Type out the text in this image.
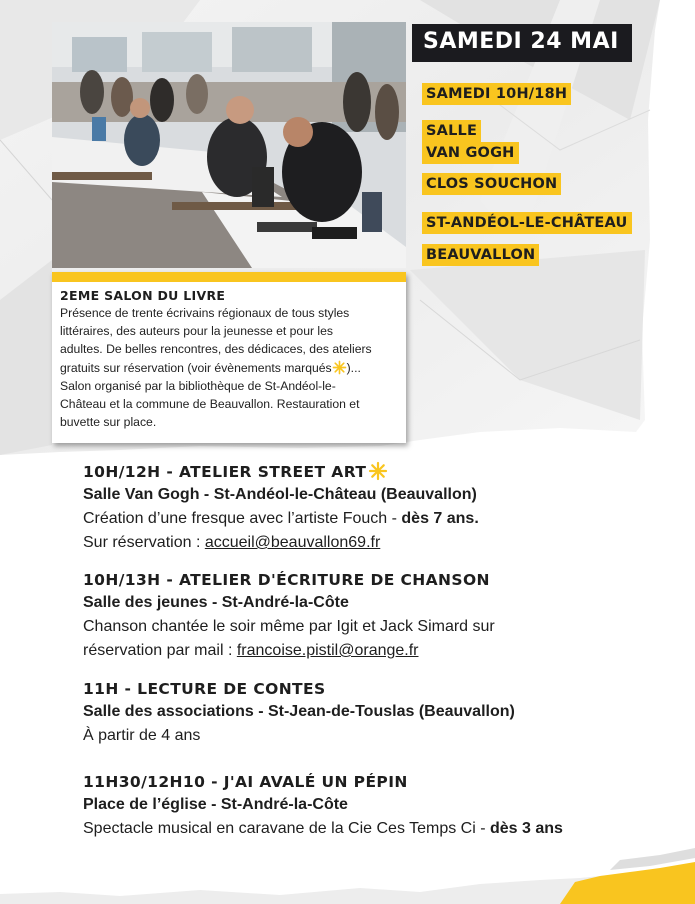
2EME SALON DU LIVRE
Présence de trente écrivains régionaux de tous styles
littéraires, des auteurs pour la jeunesse et pour les
adultes. De belles rencontres, des dédicaces, des ateliers
gratuits sur réservation (voir évènements marqués )...
Salon organisé par la bibliothèque de St-Andéol-le-
Château et la commune de Beauvallon. Restauration et
buvette sur place.
SAMEDI 24 MAI
SAMEDI 10H/18H
SALLE
VAN GOGH
CLOS SOUCHON
ST-ANDÉOL-LE-CHÂTEAU
BEAUVALLON
10H/12H - ATELIER STREET ART
Salle Van Gogh - St-Andéol-le-Château (Beauvallon)
Création d’une fresque avec l’artiste Fouch - dès 7 ans.
Sur réservation : accueil@beauvallon69.fr
10H/13H - ATELIER D'ÉCRITURE DE CHANSON
Salle des jeunes - St-André-la-Côte
Chanson chantée le soir même par Igit et Jack Simard sur
réservation par mail : francoise.pistil@orange.fr
11H - LECTURE DE CONTES
Salle des associations - St-Jean-de-Touslas (Beauvallon)
À partir de 4 ans
11H30/12H10 - J'AI AVALÉ UN PÉPIN
Place de l’église - St-André-la-Côte
Spectacle musical en caravane de la Cie Ces Temps Ci - dès 3 ans
